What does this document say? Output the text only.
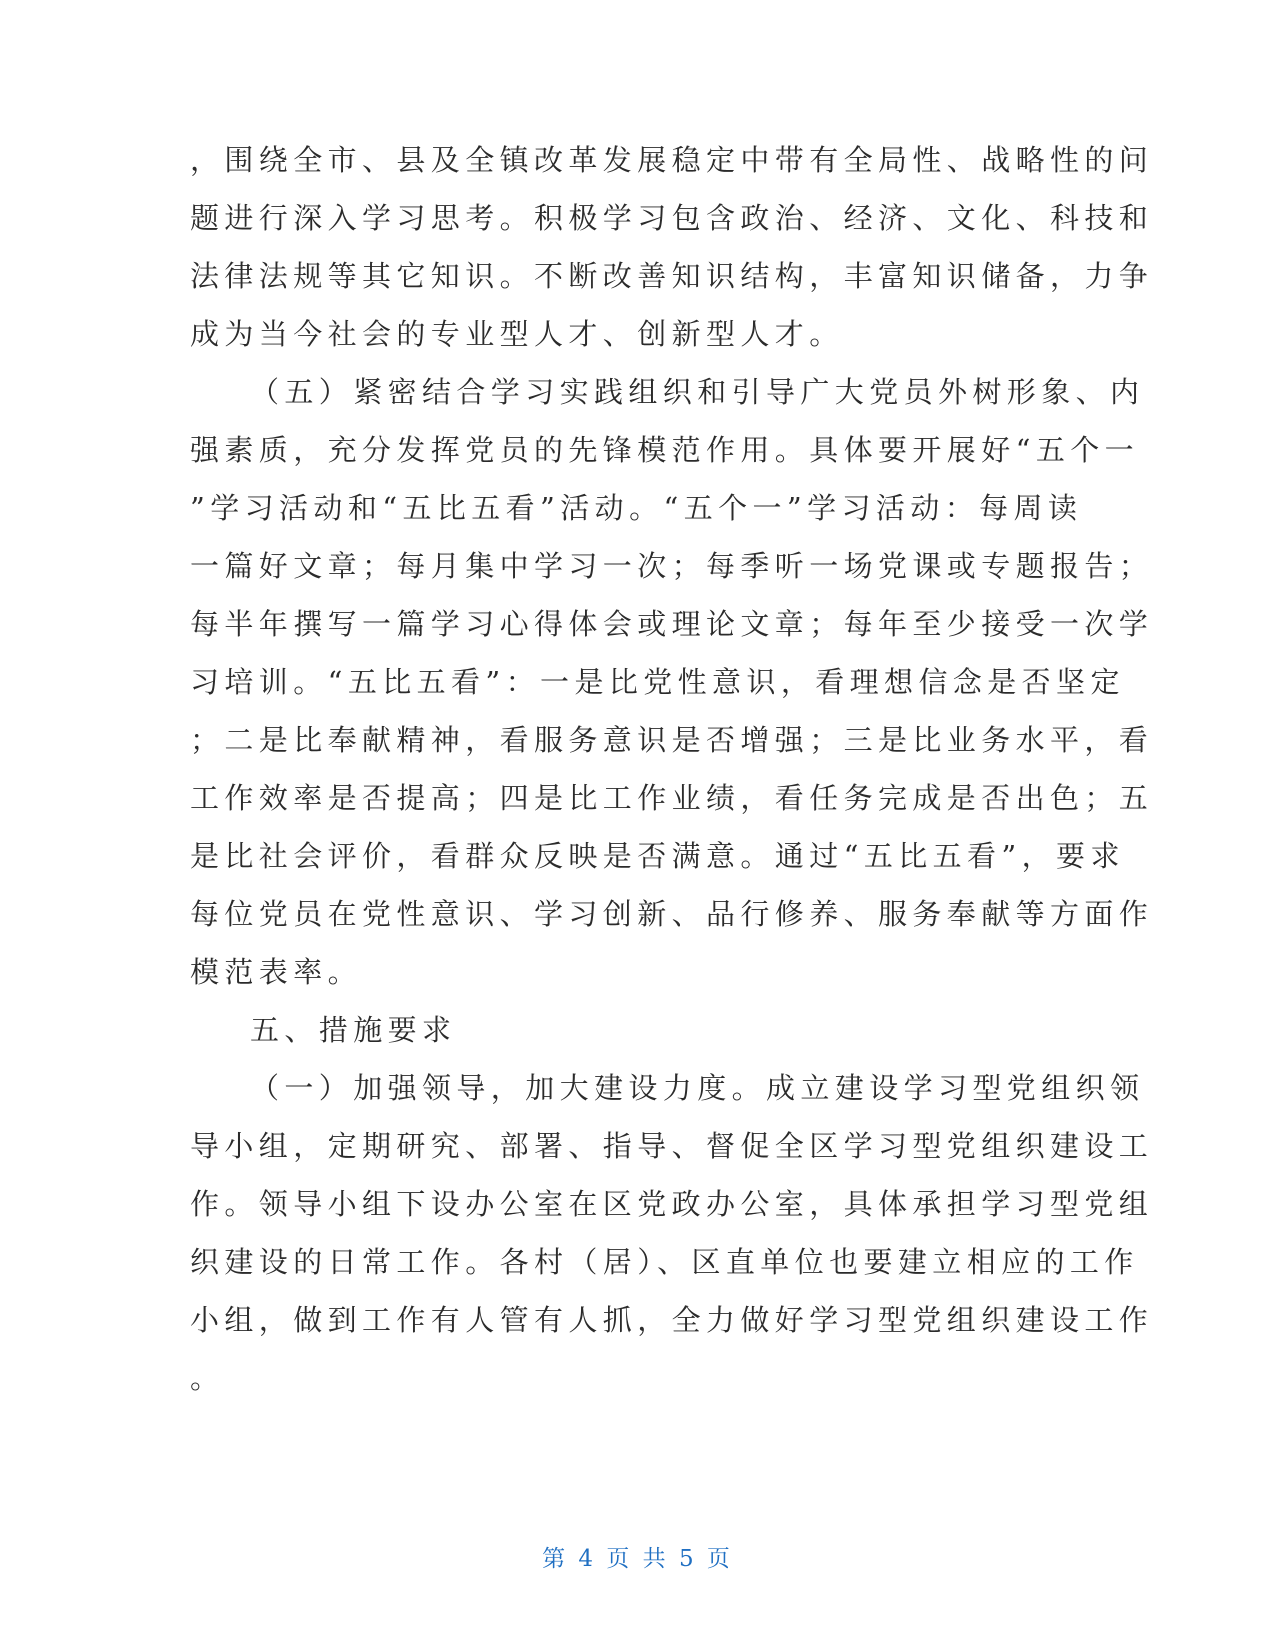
，围绕全市、县及全镇改革发展稳定中带有全局性、战略性的问

题进行深入学习思考。积极学习包含政治、经济、文化、科技和

法律法规等其它知识。不断改善知识结构，丰富知识储备，力争

成为当今社会的专业型人才、创新型人才。

（五）紧密结合学习实践组织和引导广大党员外树形象、内

强素质，充分发挥党员的先锋模范作用。具体要开展好“五个一

”学习活动和“五比五看”活动。“五个一”学习活动：每周读

一篇好文章；每月集中学习一次；每季听一场党课或专题报告；

每半年撰写一篇学习心得体会或理论文章；每年至少接受一次学

习培训。“五比五看”：一是比党性意识，看理想信念是否坚定

；二是比奉献精神，看服务意识是否增强；三是比业务水平，看

工作效率是否提高；四是比工作业绩，看任务完成是否出色；五

是比社会评价，看群众反映是否满意。通过“五比五看”，要求

每位党员在党性意识、学习创新、品行修养、服务奉献等方面作

模范表率。

五、措施要求

（一）加强领导，加大建设力度。成立建设学习型党组织领

导小组，定期研究、部署、指导、督促全区学习型党组织建设工

作。领导小组下设办公室在区党政办公室，具体承担学习型党组

织建设的日常工作。各村（居）、区直单位也要建立相应的工作

小组，做到工作有人管有人抓，全力做好学习型党组织建设工作

。

第 4 页 共 5 页
